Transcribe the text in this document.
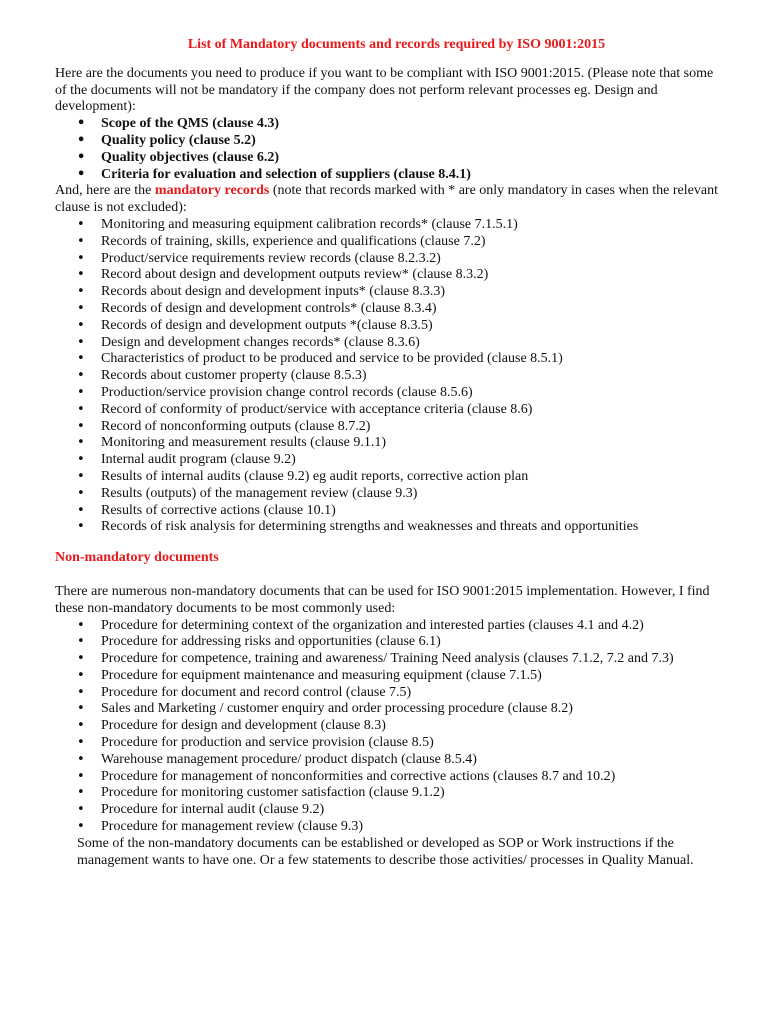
List of Mandatory documents and records required by ISO 9001:2015

Here are the documents you need to produce if you want to be compliant with ISO 9001:2015. (Please note that some of the documents will not be mandatory if the company does not perform relevant processes eg. Design and development):

• Scope of the QMS (clause 4.3)
• Quality policy (clause 5.2)
• Quality objectives (clause 6.2)
• Criteria for evaluation and selection of suppliers (clause 8.4.1)

And, here are the mandatory records (note that records marked with * are only mandatory in cases when the relevant clause is not excluded):

• Monitoring and measuring equipment calibration records* (clause 7.1.5.1)
• Records of training, skills, experience and qualifications (clause 7.2)
• Product/service requirements review records (clause 8.2.3.2)
• Record about design and development outputs review* (clause 8.3.2)
• Records about design and development inputs* (clause 8.3.3)
• Records of design and development controls* (clause 8.3.4)
• Records of design and development outputs *(clause 8.3.5)
• Design and development changes records* (clause 8.3.6)
• Characteristics of product to be produced and service to be provided (clause 8.5.1)
• Records about customer property (clause 8.5.3)
• Production/service provision change control records (clause 8.5.6)
• Record of conformity of product/service with acceptance criteria (clause 8.6)
• Record of nonconforming outputs (clause 8.7.2)
• Monitoring and measurement results (clause 9.1.1)
• Internal audit program (clause 9.2)
• Results of internal audits (clause 9.2) eg audit reports, corrective action plan
• Results (outputs) of the management review (clause 9.3)
• Results of corrective actions (clause 10.1)
• Records of risk analysis for determining strengths and weaknesses and threats and opportunities
Non-mandatory documents

There are numerous non-mandatory documents that can be used for ISO 9001:2015 implementation. However, I find these non-mandatory documents to be most commonly used:

• Procedure for determining context of the organization and interested parties (clauses 4.1 and 4.2)
• Procedure for addressing risks and opportunities (clause 6.1)
• Procedure for competence, training and awareness/ Training Need analysis (clauses 7.1.2, 7.2 and 7.3)
• Procedure for equipment maintenance and measuring equipment (clause 7.1.5)
• Procedure for document and record control (clause 7.5)
• Sales and Marketing / customer enquiry and order processing procedure (clause 8.2)
• Procedure for design and development (clause 8.3)
• Procedure for production and service provision (clause 8.5)
• Warehouse management procedure/ product dispatch (clause 8.5.4)
• Procedure for management of nonconformities and corrective actions (clauses 8.7 and 10.2)
• Procedure for monitoring customer satisfaction (clause 9.1.2)
• Procedure for internal audit (clause 9.2)
• Procedure for management review (clause 9.3)

Some of the non-mandatory documents can be established or developed as SOP or Work instructions if the management wants to have one. Or a few statements to describe those activities/ processes in Quality Manual.
